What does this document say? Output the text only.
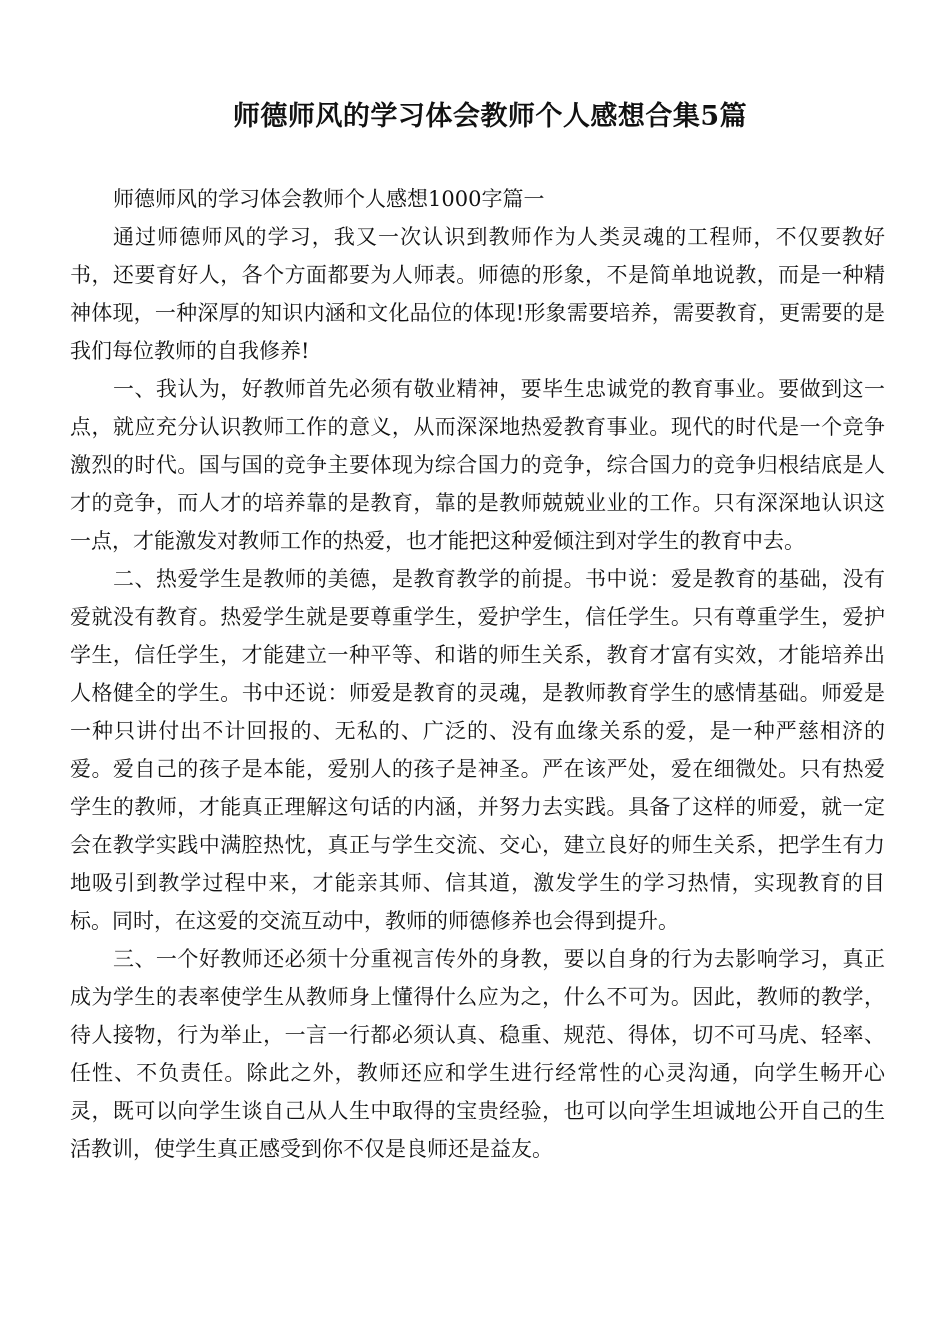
师德师风的学习体会教师个人感想合集5篇

师德师风的学习体会教师个人感想1000字篇一

通过师德师风的学习，我又一次认识到教师作为人类灵魂的工程师，不仅要教好书，还要育好人，各个方面都要为人师表。师德的形象，不是简单地说教，而是一种精神体现，一种深厚的知识内涵和文化品位的体现!形象需要培养，需要教育，更需要的是我们每位教师的自我修养!

一、我认为，好教师首先必须有敬业精神，要毕生忠诚党的教育事业。要做到这一点，就应充分认识教师工作的意义，从而深深地热爱教育事业。现代的时代是一个竞争激烈的时代。国与国的竞争主要体现为综合国力的竞争，综合国力的竞争归根结底是人才的竞争，而人才的培养靠的是教育，靠的是教师兢兢业业的工作。只有深深地认识这一点，才能激发对教师工作的热爱，也才能把这种爱倾注到对学生的教育中去。

二、热爱学生是教师的美德，是教育教学的前提。书中说：爱是教育的基础，没有爱就没有教育。热爱学生就是要尊重学生，爱护学生，信任学生。只有尊重学生，爱护学生，信任学生，才能建立一种平等、和谐的师生关系，教育才富有实效，才能培养出人格健全的学生。书中还说：师爱是教育的灵魂，是教师教育学生的感情基础。师爱是一种只讲付出不计回报的、无私的、广泛的、没有血缘关系的爱，是一种严慈相济的爱。爱自己的孩子是本能，爱别人的孩子是神圣。严在该严处，爱在细微处。只有热爱学生的教师，才能真正理解这句话的内涵，并努力去实践。具备了这样的师爱，就一定会在教学实践中满腔热忱，真正与学生交流、交心，建立良好的师生关系，把学生有力地吸引到教学过程中来，才能亲其师、信其道，激发学生的学习热情，实现教育的目标。同时，在这爱的交流互动中，教师的师德修养也会得到提升。

三、一个好教师还必须十分重视言传外的身教，要以自身的行为去影响学习，真正成为学生的表率使学生从教师身上懂得什么应为之，什么不可为。因此，教师的教学，待人接物，行为举止，一言一行都必须认真、稳重、规范、得体，切不可马虎、轻率、任性、不负责任。除此之外，教师还应和学生进行经常性的心灵沟通，向学生畅开心灵，既可以向学生谈自己从人生中取得的宝贵经验，也可以向学生坦诚地公开自己的生活教训，使学生真正感受到你不仅是良师还是益友。
